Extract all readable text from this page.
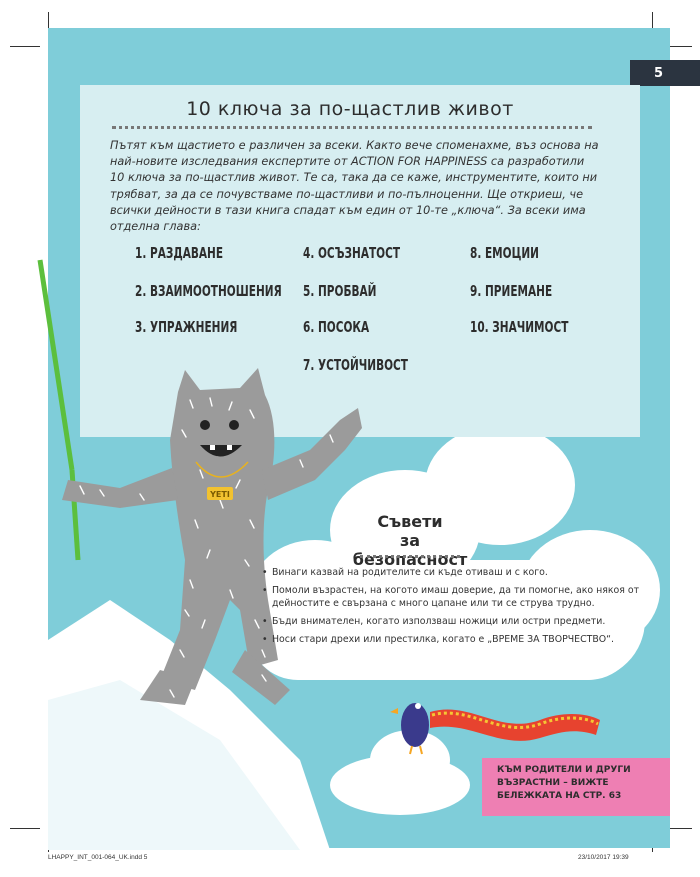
5
YETI
10 ключа за по-щастлив живот
Пътят към щастието е различен за всеки. Както вече споменахме, въз основа на най-новите изследвания експертите от ACTION FOR HAPPINESS са разработили 10 ключа за по-щастлив живот. Те са, така да се каже, инструментите, които ни трябват, за да се почувстваме по-щастливи и по-пълноценни. Ще откриеш, че всички дейности в тази книга спадат към един от 10-те „ключа“. За всеки има отделна глава:
1. РАЗДАВАНЕ
2. ВЗАИМООТНОШЕНИЯ
3. УПРАЖНЕНИЯ
4. ОСЪЗНАТОСТ
5. ПРОБВАЙ
6. ПОСОКА
7. УСТОЙЧИВОСТ
8. ЕМОЦИИ
9. ПРИЕМАНЕ
10. ЗНАЧИМОСТ
Съвети
за безопасност
• Винаги казвай на родителите си къде отиваш и с кого.
• Помоли възрастен, на когото имаш доверие, да ти помогне, ако някоя от дейностите е свързана с много цапане или ти се струва трудно.
• Бъди внимателен, когато използваш ножици или остри предмети.
• Носи стари дрехи или престилка, когато е „ВРЕМЕ ЗА ТВОРЧЕСТВО“.
КЪМ РОДИТЕЛИ И ДРУГИ ВЪЗРАСТНИ – ВИЖТЕ БЕЛЕЖКАТА НА СТР. 63
LHAPPY_INT_001-064_UK.indd 5	23/10/2017 19:39
